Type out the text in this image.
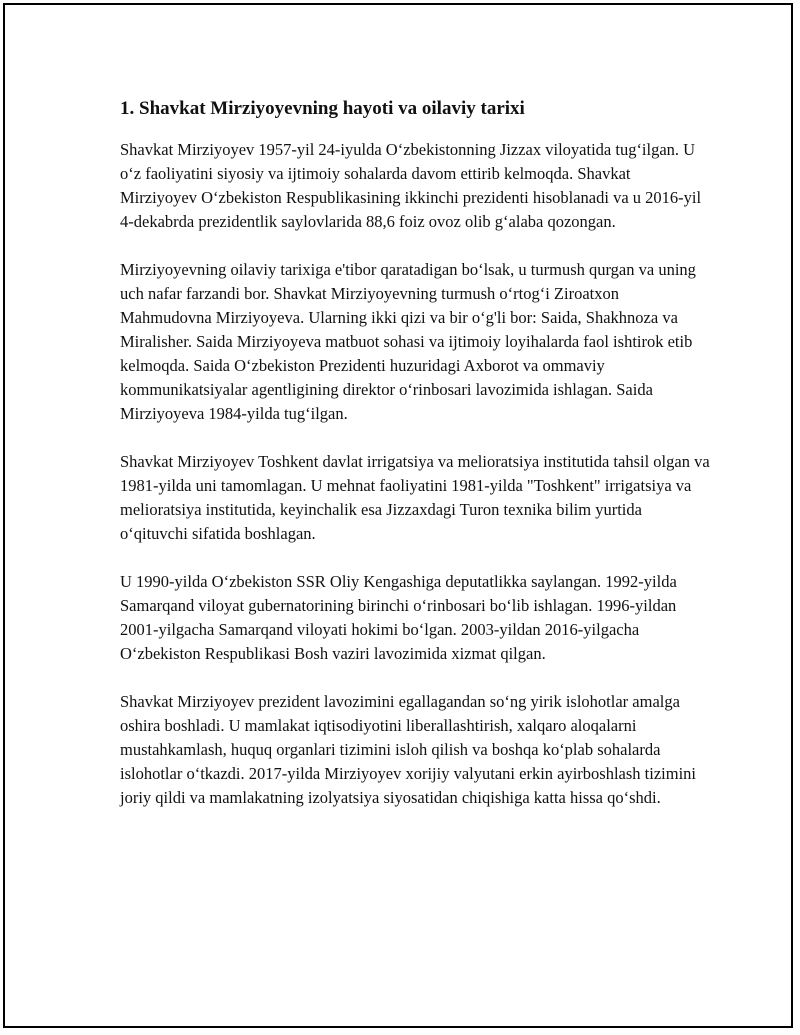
1. Shavkat Mirziyoyevning hayoti va oilaviy tarixi

Shavkat Mirziyoyev 1957-yil 24-iyulda O‘zbekistonning Jizzax viloyatida tug‘ilgan. U o‘z faoliyatini siyosiy va ijtimoiy sohalarda davom ettirib kelmoqda. Shavkat Mirziyoyev O‘zbekiston Respublikasining ikkinchi prezidenti hisoblanadi va u 2016-yil 4-dekabrda prezidentlik saylovlarida 88,6 foiz ovoz olib g‘alaba qozongan.

Mirziyoyevning oilaviy tarixiga e'tibor qaratadigan bo‘lsak, u turmush qurgan va uning uch nafar farzandi bor. Shavkat Mirziyoyevning turmush o‘rtog‘i Ziroatxon Mahmudovna Mirziyoyeva. Ularning ikki qizi va bir o‘g'li bor: Saida, Shakhnoza va Miralisher. Saida Mirziyoyeva matbuot sohasi va ijtimoiy loyihalarda faol ishtirok etib kelmoqda. Saida O‘zbekiston Prezidenti huzuridagi Axborot va ommaviy kommunikatsiyalar agentligining direktor o‘rinbosari lavozimida ishlagan. Saida Mirziyoyeva 1984-yilda tug‘ilgan.

Shavkat Mirziyoyev Toshkent davlat irrigatsiya va melioratsiya institutida tahsil olgan va 1981-yilda uni tamomlagan. U mehnat faoliyatini 1981-yilda "Toshkent" irrigatsiya va melioratsiya institutida, keyinchalik esa Jizzaxdagi Turon texnika bilim yurtida o‘qituvchi sifatida boshlagan.

U 1990-yilda O‘zbekiston SSR Oliy Kengashiga deputatlikka saylangan. 1992-yilda Samarqand viloyat gubernatorining birinchi o‘rinbosari bo‘lib ishlagan. 1996-yildan 2001-yilgacha Samarqand viloyati hokimi bo‘lgan. 2003-yildan 2016-yilgacha O‘zbekiston Respublikasi Bosh vaziri lavozimida xizmat qilgan.

Shavkat Mirziyoyev prezident lavozimini egallagandan so‘ng yirik islohotlar amalga oshira boshladi. U mamlakat iqtisodiyotini liberallashtirish, xalqaro aloqalarni mustahkamlash, huquq organlari tizimini isloh qilish va boshqa ko‘plab sohalarda islohotlar o‘tkazdi. 2017-yilda Mirziyoyev xorijiy valyutani erkin ayirboshlash tizimini joriy qildi va mamlakatning izolyatsiya siyosatidan chiqishiga katta hissa qo‘shdi.
